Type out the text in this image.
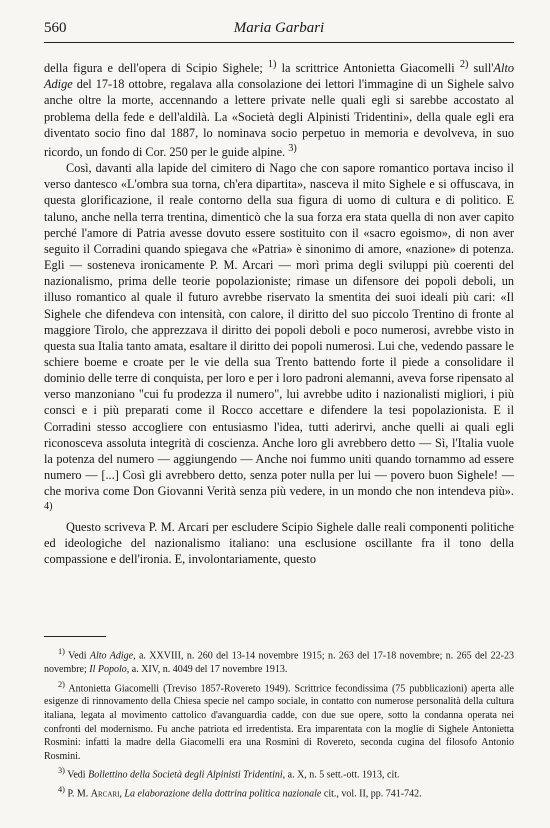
560	Maria Garbari

della figura e dell'opera di Scipio Sighele; $^{1)}$ la scrittrice Antonietta Giacomelli $^{2)}$ sull'Alto Adige del 17-18 ottobre, regalava alla consolazione dei lettori l'immagine di un Sighele salvo anche oltre la morte, accennando a lettere private nelle quali egli si sarebbe accostato al problema della fede e dell'aldilà. La «Società degli Alpinisti Tridentini», della quale egli era diventato socio fino dal 1887, lo nominava socio perpetuo in memoria e devolveva, in suo ricordo, un fondo di Cor. 250 per le guide alpine. $^{3)}$

Così, davanti alla lapide del cimitero di Nago che con sapore romantico portava inciso il verso dantesco «L'ombra sua torna, ch'era dipartita», nasceva il mito Sighele e si offuscava, in questa glorificazione, il reale contorno della sua figura di uomo di cultura e di politico. E taluno, anche nella terra trentina, dimenticò che la sua forza era stata quella di non aver capito perché l'amore di Patria avesse dovuto essere sostituito con il «sacro egoismo», di non aver seguito il Corradini quando spiegava che «Patria» è sinonimo di amore, «nazione» di potenza. Egli — sosteneva ironicamente P. M. Arcari — morì prima degli sviluppi più coerenti del nazionalismo, prima delle teorie popolazioniste; rimase un difensore dei popoli deboli, un illuso romantico al quale il futuro avrebbe riservato la smentita dei suoi ideali più cari: «Il Sighele che difendeva con intensità, con calore, il diritto del suo piccolo Trentino di fronte al maggiore Tirolo, che apprezzava il diritto dei popoli deboli e poco numerosi, avrebbe visto in questa sua Italia tanto amata, esaltare il diritto dei popoli numerosi. Lui che, vedendo passare le schiere boeme e croate per le vie della sua Trento battendo forte il piede a consolidare il dominio delle terre di conquista, per loro e per i loro padroni alemanni, aveva forse ripensato al verso manzoniano "cui fu prodezza il numero", lui avrebbe udito i nazionalisti migliori, i più consci e i più preparati come il Rocco accettare e difendere la tesi popolazionista. E il Corradini stesso accogliere con entusiasmo l'idea, tutti aderirvi, anche quelli ai quali egli riconosceva assoluta integrità di coscienza. Anche loro gli avrebbero detto — Sì, l'Italia vuole la potenza del numero — aggiungendo — Anche noi fummo uniti quando tornammo ad essere numero — [...] Così gli avrebbero detto, senza poter nulla per lui — povero buon Sighele! — che moriva come Don Giovanni Verità senza più vedere, in un mondo che non intendeva più». $^{4)}$

Questo scriveva P. M. Arcari per escludere Scipio Sighele dalle reali componenti politiche ed ideologiche del nazionalismo italiano: una esclusione oscillante fra il tono della compassione e dell'ironia. E, involontariamente, questo

$^{1)}$ Vedi Alto Adige, a. XXVIII, n. 260 del 13-14 novembre 1915; n. 263 del 17-18 novembre; n. 265 del 22-23 novembre; Il Popolo, a. XIV, n. 4049 del 17 novembre 1913.

$^{2)}$ Antonietta Giacomelli (Treviso 1857-Rovereto 1949). Scrittrice fecondissima (75 pubblicazioni) aperta alle esigenze di rinnovamento della Chiesa specie nel campo sociale, in contatto con numerose personalità della cultura italiana, legata al movimento cattolico d'avanguardia cadde, con due sue opere, sotto la condanna operata nei confronti del modernismo. Fu anche patriota ed irredentista. Era imparentata con la moglie di Sighele Antonietta Rosmini: infatti la madre della Giacomelli era una Rosmini di Rovereto, seconda cugina del filosofo Antonio Rosmini.

$^{3)}$ Vedi Bollettino della Società degli Alpinisti Tridentini, a. X, n. 5 sett.-ott. 1913, cit.

$^{4)}$ P. M. Arcari, La elaborazione della dottrina politica nazionale cit., vol. II, pp. 741-742.
